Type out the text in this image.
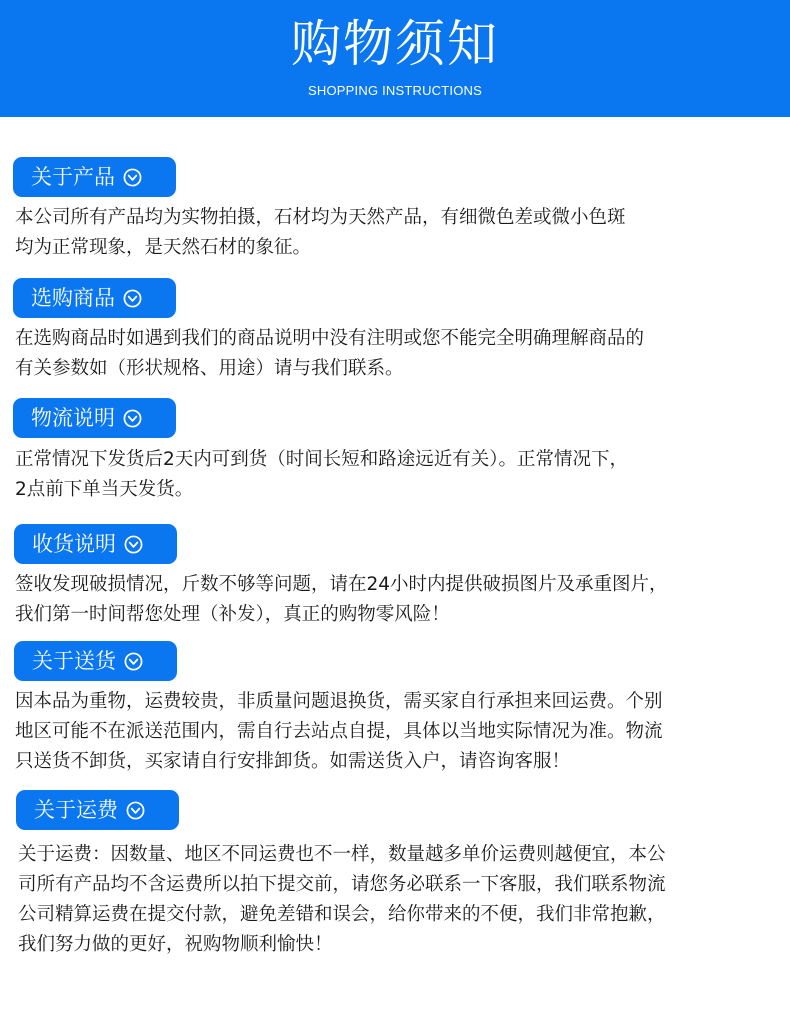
购物须知
SHOPPING INSTRUCTIONS
关于产品

本公司所有产品均为实物拍摄，石材均为天然产品，有细微色差或微小色斑

均为正常现象，是天然石材的象征。

选购商品

在选购商品时如遇到我们的商品说明中没有注明或您不能完全明确理解商品的

有关参数如（形状规格、用途）请与我们联系。

物流说明

正常情况下发货后2天内可到货（时间长短和路途远近有关）。正常情况下，

2点前下单当天发货。

收货说明

签收发现破损情况，斤数不够等问题，请在24小时内提供破损图片及承重图片，

我们第一时间帮您处理（补发），真正的购物零风险！

关于送货

因本品为重物，运费较贵，非质量问题退换货，需买家自行承担来回运费。个别

地区可能不在派送范围内，需自行去站点自提，具体以当地实际情况为准。物流

只送货不卸货，买家请自行安排卸货。如需送货入户，请咨询客服！

关于运费

关于运费：因数量、地区不同运费也不一样，数量越多单价运费则越便宜，本公

司所有产品均不含运费所以拍下提交前，请您务必联系一下客服，我们联系物流

公司精算运费在提交付款，避免差错和误会，给你带来的不便，我们非常抱歉，

我们努力做的更好，祝购物顺利愉快！
